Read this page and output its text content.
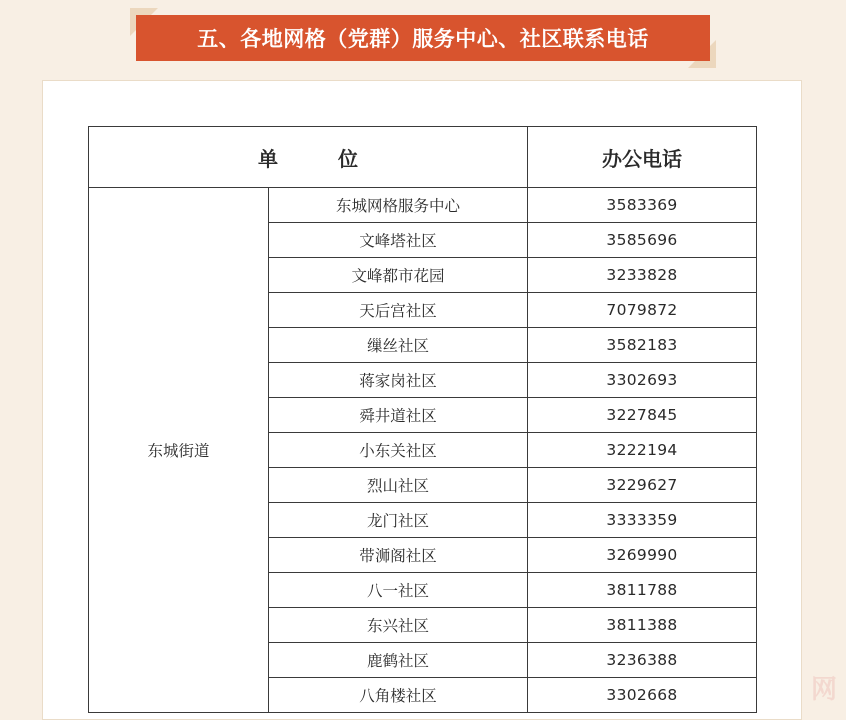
五、各地网格（党群）服务中心、社区联系电话
单　　　位		办公电话
东城街道	东城网格服务中心	3583369
	文峰塔社区	3585696
	文峰都市花园	3233828
	天后宫社区	7079872
	缫丝社区	3582183
	蒋家岗社区	3302693
	舜井道社区	3227845
	小东关社区	3222194
	烈山社区	3229627
	龙门社区	3333359
	带浉阁社区	3269990
	八一社区	3811788
	东兴社区	3811388
	鹿鹤社区	3236388
	八角楼社区	3302668	网
